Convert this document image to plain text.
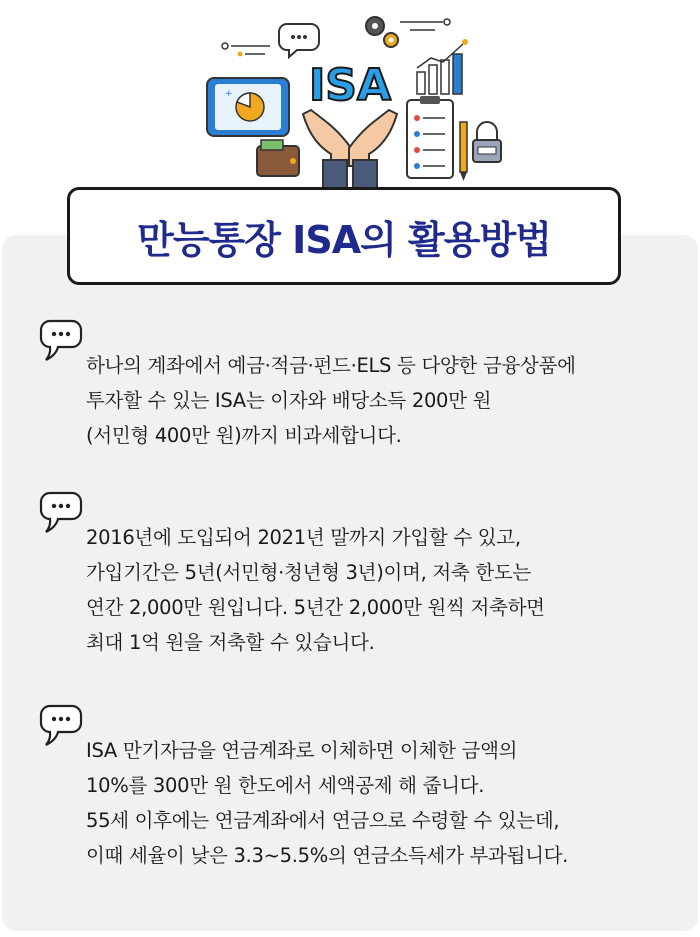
+ ISA
만능통장 ISA의 활용방법
하나의 계좌에서 예금·적금·펀드·ELS 등 다양한 금융상품에
투자할 수 있는 ISA는 이자와 배당소득 200만 원
(서민형 400만 원)까지 비과세합니다.
2016년에 도입되어 2021년 말까지 가입할 수 있고,
가입기간은 5년(서민형·청년형 3년)이며, 저축 한도는
연간 2,000만 원입니다. 5년간 2,000만 원씩 저축하면
최대 1억 원을 저축할 수 있습니다.
ISA 만기자금을 연금계좌로 이체하면 이체한 금액의
10%를 300만 원 한도에서 세액공제 해 줍니다.
55세 이후에는 연금계좌에서 연금으로 수령할 수 있는데,
이때 세율이 낮은 3.3~5.5%의 연금소득세가 부과됩니다.
